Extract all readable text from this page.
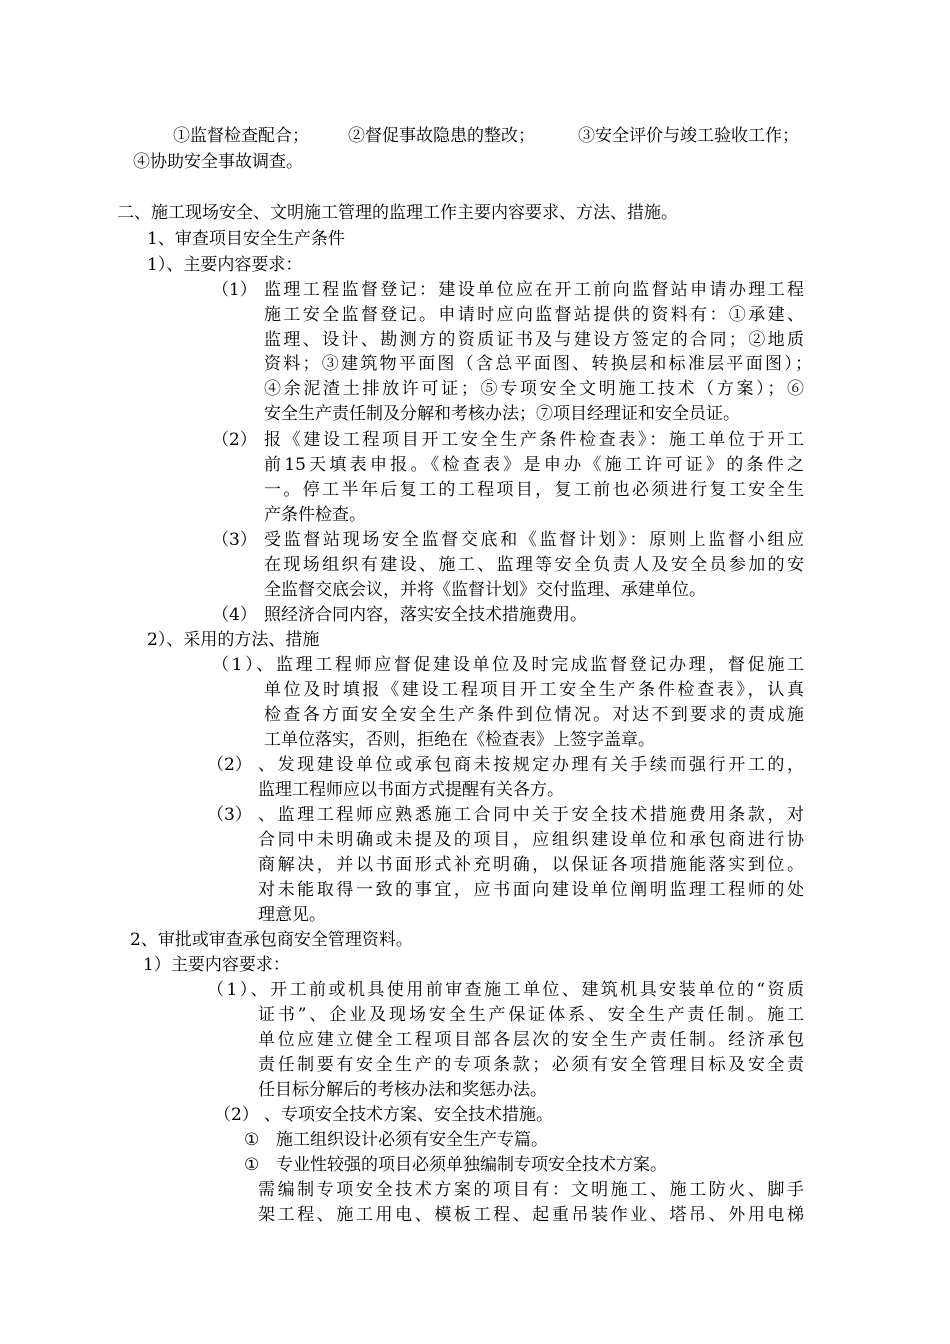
①监督检查配合； ②督促事故隐患的整改；	③安全评价与竣工验收工作；
④协助安全事故调查。
二、施工现场安全、文明施工管理的监理工作主要内容要求、方法、措施。
1、审查项目安全生产条件
1）、主要内容要求：
（1） 监理工程监督登记：建设单位应在开工前向监督站申请办理工程
施工安全监督登记。申请时应向监督站提供的资料有：①承建、
监理、设计、勘测方的资质证书及与建设方签定的合同；②地质
资料；③建筑物平面图（含总平面图、转换层和标准层平面图）；
④余泥渣土排放许可证；⑤专项安全文明施工技术（方案）；⑥
安全生产责任制及分解和考核办法；⑦项目经理证和安全员证。
（2） 报《建设工程项目开工安全生产条件检查表》：施工单位于开工
前15天填表申报。《检查表》是申办《施工许可证》的条件之
一。停工半年后复工的工程项目，复工前也必须进行复工安全生
产条件检查。
（3） 受监督站现场安全监督交底和《监督计划》：原则上监督小组应
在现场组织有建设、施工、监理等安全负责人及安全员参加的安
全监督交底会议，并将《监督计划》交付监理、承建单位。
（4） 照经济合同内容，落实安全技术措施费用。
2）、采用的方法、措施
（1）、监理工程师应督促建设单位及时完成监督登记办理，督促施工
单位及时填报《建设工程项目开工安全生产条件检查表》，认真
检查各方面安全安全生产条件到位情况。对达不到要求的责成施
工单位落实，否则，拒绝在《检查表》上签字盖章。
（2） 、发现建设单位或承包商未按规定办理有关手续而强行开工的，
监理工程师应以书面方式提醒有关各方。
（3） 、监理工程师应熟悉施工合同中关于安全技术措施费用条款，对
合同中未明确或未提及的项目，应组织建设单位和承包商进行协
商解决，并以书面形式补充明确，以保证各项措施能落实到位。
对未能取得一致的事宜，应书面向建设单位阐明监理工程师的处
理意见。
2、审批或审查承包商安全管理资料。
1）主要内容要求：
（1）、开工前或机具使用前审查施工单位、建筑机具安装单位的“资质
证书”、企业及现场安全生产保证体系、安全生产责任制。施工
单位应建立健全工程项目部各层次的安全生产责任制。经济承包
责任制要有安全生产的专项条款；必须有安全管理目标及安全责
任目标分解后的考核办法和奖惩办法。
（2） 、专项安全技术方案、安全技术措施。
① 施工组织设计必须有安全生产专篇。
① 专业性较强的项目必须单独编制专项安全技术方案。
需编制专项安全技术方案的项目有：文明施工、施工防火、脚手
架工程、施工用电、模板工程、起重吊装作业、塔吊、外用电梯
